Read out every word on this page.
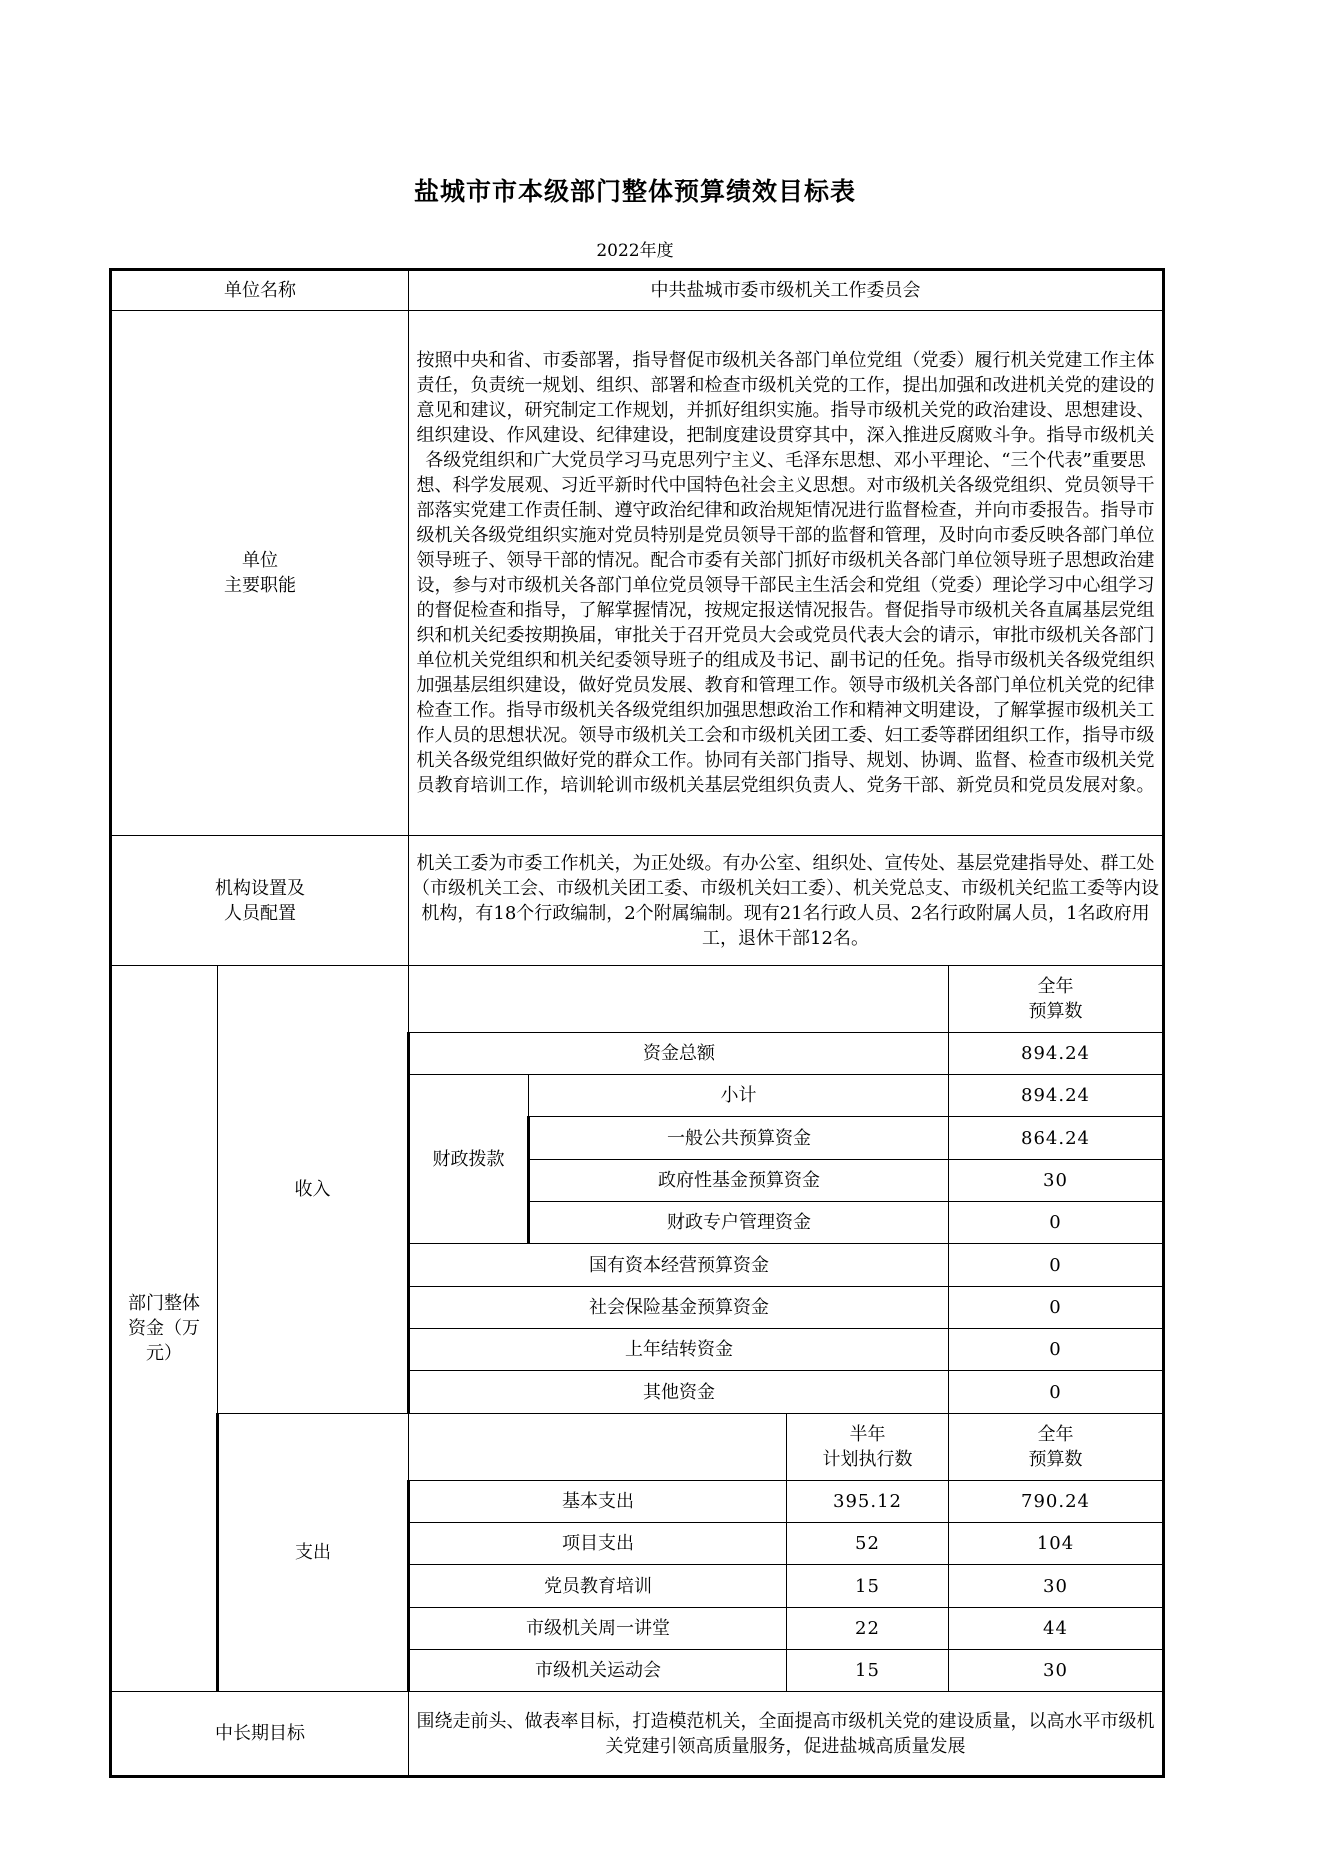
盐城市市本级部门整体预算绩效目标表
2022年度
单位名称		中共盐城市委市级机关工作委员会			
单位
主要职能		按照中央和省、市委部署，指导督促市级机关各部门单位党组（党委）履行机关党建工作主体责任，负责统一规划、组织、部署和检查市级机关党的工作，提出加强和改进机关党的建设的意见和建议，研究制定工作规划，并抓好组织实施。指导市级机关党的政治建设、思想建设、组织建设、作风建设、纪律建设，把制度建设贯穿其中，深入推进反腐败斗争。指导市级机关各级党组织和广大党员学习马克思列宁主义、毛泽东思想、邓小平理论、“三个代表”重要思想、科学发展观、习近平新时代中国特色社会主义思想。对市级机关各级党组织、党员领导干部落实党建工作责任制、遵守政治纪律和政治规矩情况进行监督检查，并向市委报告。指导市级机关各级党组织实施对党员特别是党员领导干部的监督和管理，及时向市委反映各部门单位领导班子、领导干部的情况。配合市委有关部门抓好市级机关各部门单位领导班子思想政治建设，参与对市级机关各部门单位党员领导干部民主生活会和党组（党委）理论学习中心组学习的督促检查和指导，了解掌握情况，按规定报送情况报告。督促指导市级机关各直属基层党组织和机关纪委按期换届，审批关于召开党员大会或党员代表大会的请示，审批市级机关各部门单位机关党组织和机关纪委领导班子的组成及书记、副书记的任免。指导市级机关各级党组织加强基层组织建设，做好党员发展、教育和管理工作。领导市级机关各部门单位机关党的纪律检查工作。指导市级机关各级党组织加强思想政治工作和精神文明建设，了解掌握市级机关工作人员的思想状况。领导市级机关工会和市级机关团工委、妇工委等群团组织工作，指导市级机关各级党组织做好党的群众工作。协同有关部门指导、规划、协调、监督、检查市级机关党员教育培训工作，培训轮训市级机关基层党组织负责人、党务干部、新党员和党员发展对象。			
机构设置及
人员配置		机关工委为市委工作机关，为正处级。有办公室、组织处、宣传处、基层党建指导处、群工处（市级机关工会、市级机关团工委、市级机关妇工委）、机关党总支、市级机关纪监工委等内设机构，有18个行政编制，2个附属编制。现有21名行政人员、2名行政附属人员，1名政府用工，退休干部12名。			
部门整体
资金（万
元）	收入				全年
预算数
		资金总额			894.24
		财政拨款	小计		894.24
			一般公共预算资金		864.24
			政府性基金预算资金		30
			财政专户管理资金		0
		国有资本经营预算资金			0
		社会保险基金预算资金			0
		上年结转资金			0
		其他资金			0
	支出			半年
计划执行数	全年
预算数
		基本支出		395.12	790.24
		项目支出		52	104
		党员教育培训		15	30
		市级机关周一讲堂		22	44
		市级机关运动会		15	30
中长期目标		围绕走前头、做表率目标，打造模范机关，全面提高市级机关党的建设质量，以高水平市级机关党建引领高质量服务，促进盐城高质量发展			
